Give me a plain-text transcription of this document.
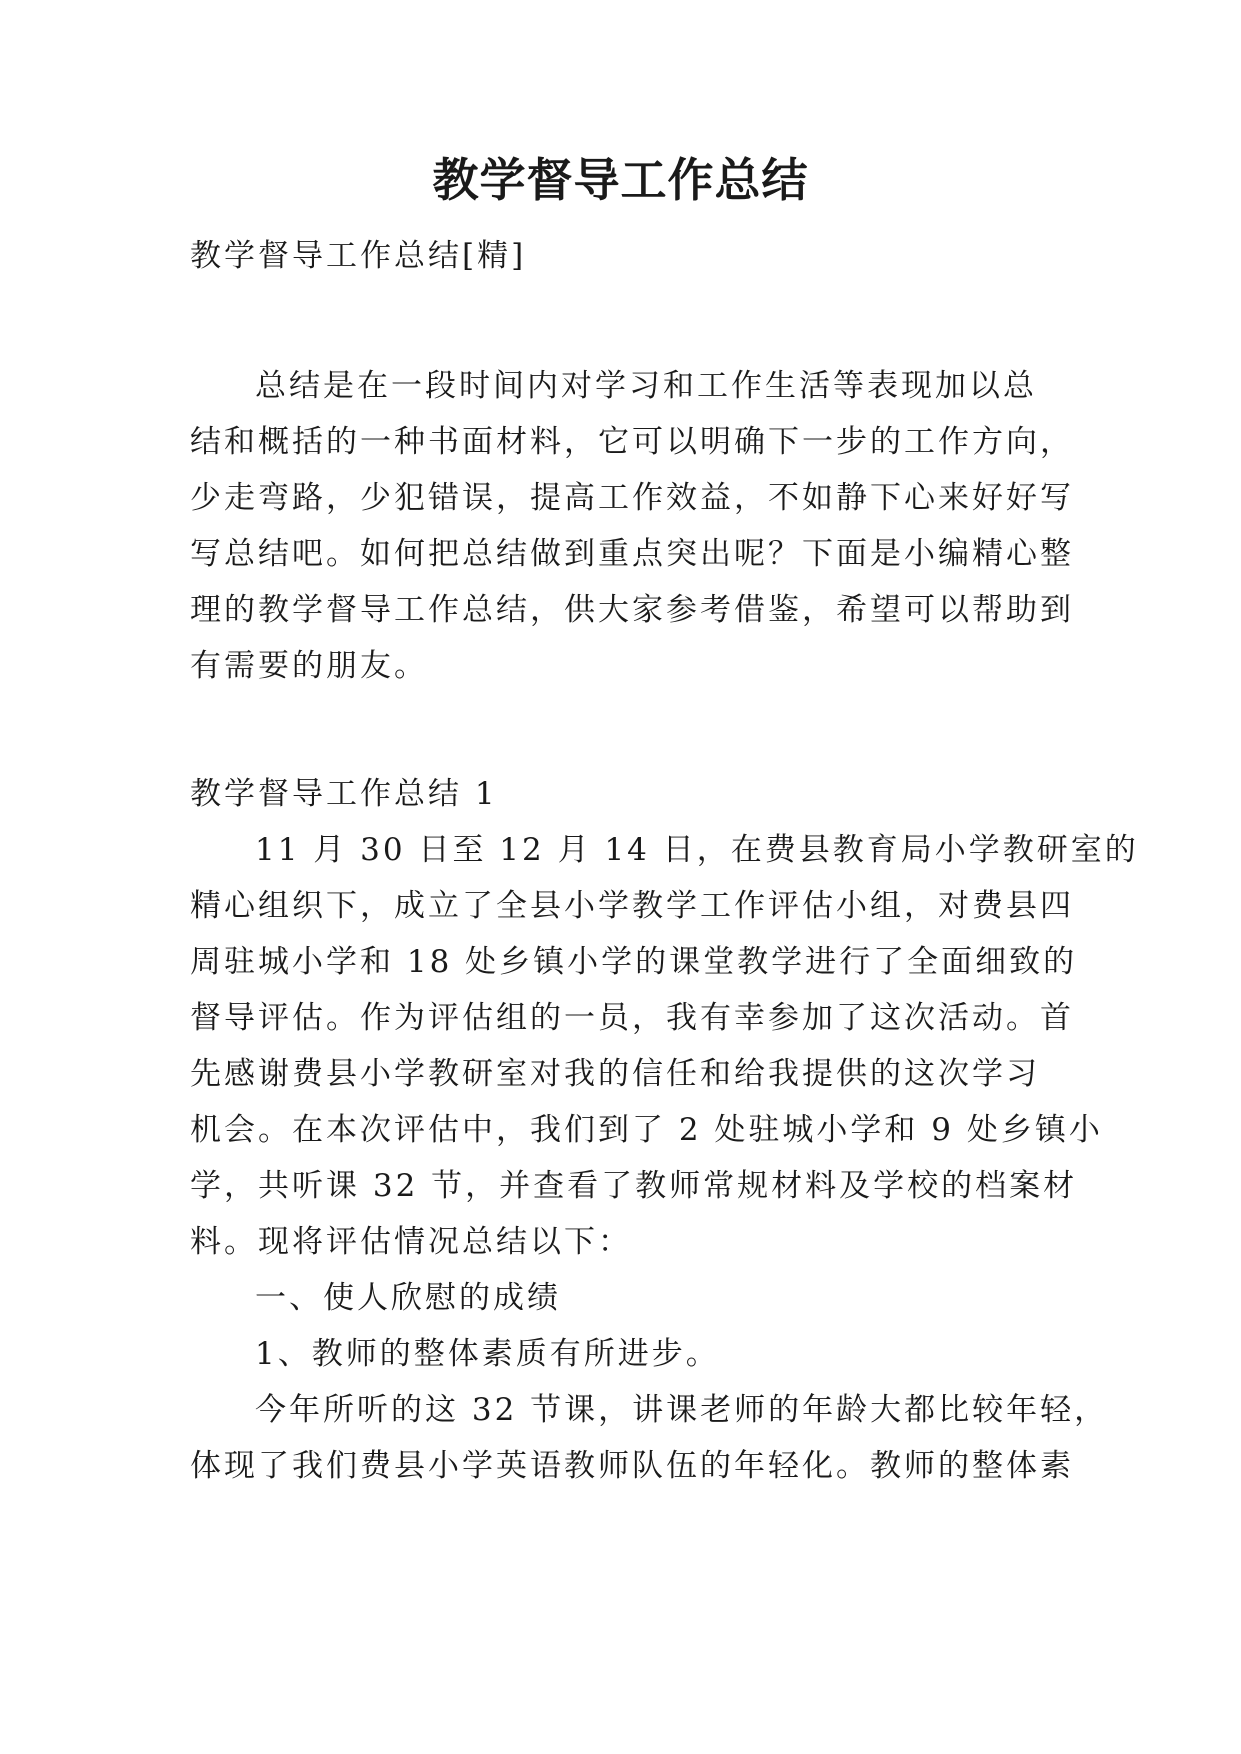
教学督导工作总结
教学督导工作总结[精]
总结是在一段时间内对学习和工作生活等表现加以总
结和概括的一种书面材料，它可以明确下一步的工作方向，
少走弯路，少犯错误，提高工作效益，不如静下心来好好写
写总结吧。如何把总结做到重点突出呢？下面是小编精心整
理的教学督导工作总结，供大家参考借鉴，希望可以帮助到
有需要的朋友。
教学督导工作总结 1
11 月 30 日至 12 月 14 日，在费县教育局小学教研室的
精心组织下，成立了全县小学教学工作评估小组，对费县四
周驻城小学和 18 处乡镇小学的课堂教学进行了全面细致的
督导评估。作为评估组的一员，我有幸参加了这次活动。首
先感谢费县小学教研室对我的信任和给我提供的这次学习
机会。在本次评估中，我们到了 2 处驻城小学和 9 处乡镇小
学，共听课 32 节，并查看了教师常规材料及学校的档案材
料。现将评估情况总结以下：
一、使人欣慰的成绩
1、教师的整体素质有所进步。
今年所听的这 32 节课，讲课老师的年龄大都比较年轻，
体现了我们费县小学英语教师队伍的年轻化。教师的整体素
